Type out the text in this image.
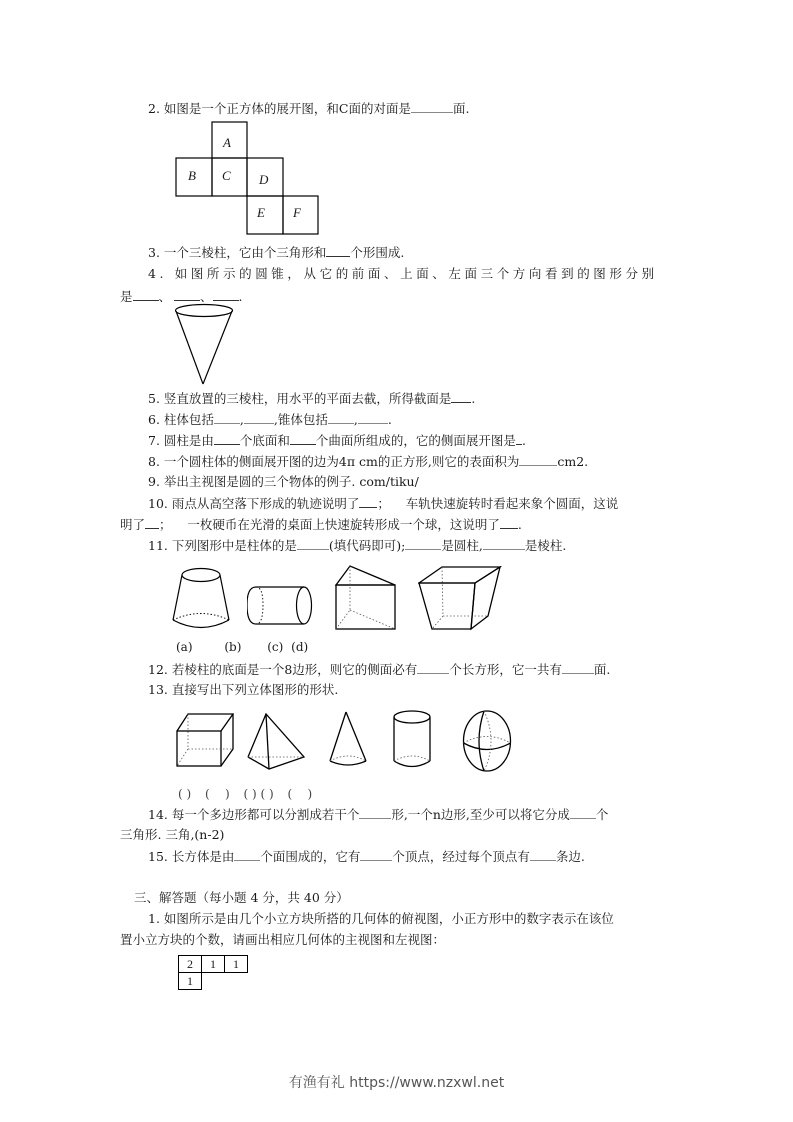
2. 如图是一个正方体的展开图，和C面的对面是	面.
A
B C D
E F
3. 一个三棱柱，它由个三角形和 个形围成.
4. 如图所示的圆锥，从它的前面、上面、左面三个方向看到的图形分别
是 、 、 .
5. 竖直放置的三棱柱，用水平的平面去截，所得截面是 .
6. 柱体包括 , ,锥体包括 , .
7. 圆柱是由 个底面和 个曲面所组成的，它的侧面展开图是 .
8. 一个圆柱体的侧面展开图的边为4π cm的正方形,则它的表面积为	cm2.
9. 举出主视图是圆的三个物体的例子. com/tiku/
10. 雨点从高空落下形成的轨迹说明了 ；    车轨快速旋转时看起来象个圆面，这说
明了 ；    一枚硬币在光滑的桌面上快速旋转形成一个球，这说明了 .
11. 下列图形中是柱体的是	(填代码即可);	是圆柱,	是棱柱.
(a)	(b) (c) (d)
12. 若棱柱的底面是一个8边形，则它的侧面必有	个长方形，它一共有	面.
13. 直接写出下列立体图形的形状.
( ) (    ) ( ) ( ) (    )
14. 每一个多边形都可以分割成若干个	形,一个n边形,至少可以将它分成 个
三角形. 三角,(n-2)
15. 长方体是由 个面围成的，它有	个顶点，经过每个顶点有 条边.
三、解答题（每小题 4 分，共 40 分）
1. 如图所示是由几个小立方块所搭的几何体的俯视图，小正方形中的数字表示在该位
置小立方块的个数，请画出相应几何体的主视图和左视图：
2	1	1
1		
有渔有礼 https://www.nzxwl.net
